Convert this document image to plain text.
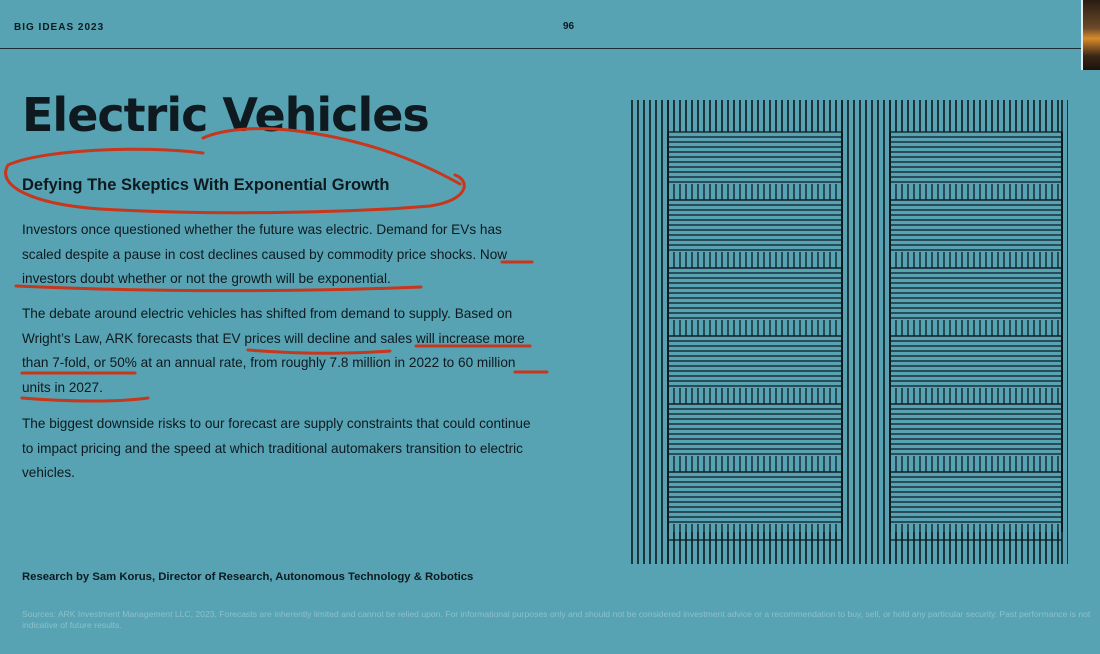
BIG IDEAS 2023	96
Electric Vehicles
Defying The Skeptics With Exponential Growth

Investors once questioned whether the future was electric. Demand for EVs has scaled despite a pause in cost declines caused by commodity price shocks. Now investors doubt whether or not the growth will be exponential.

The debate around electric vehicles has shifted from demand to supply. Based on Wright’s Law, ARK forecasts that EV prices will decline and sales will increase more than 7-fold, or 50% at an annual rate, from roughly 7.8 million in 2022 to 60 million units in 2027.

The biggest downside risks to our forecast are supply constraints that could continue to impact pricing and the speed at which traditional automakers transition to electric vehicles.

Research by Sam Korus, Director of Research, Autonomous Technology & Robotics

Sources: ARK Investment Management LLC, 2023. Forecasts are inherently limited and cannot be relied upon. For informational purposes only and should not be considered investment advice or a recommendation to buy, sell, or hold any particular security. Past performance is not indicative of future results.
